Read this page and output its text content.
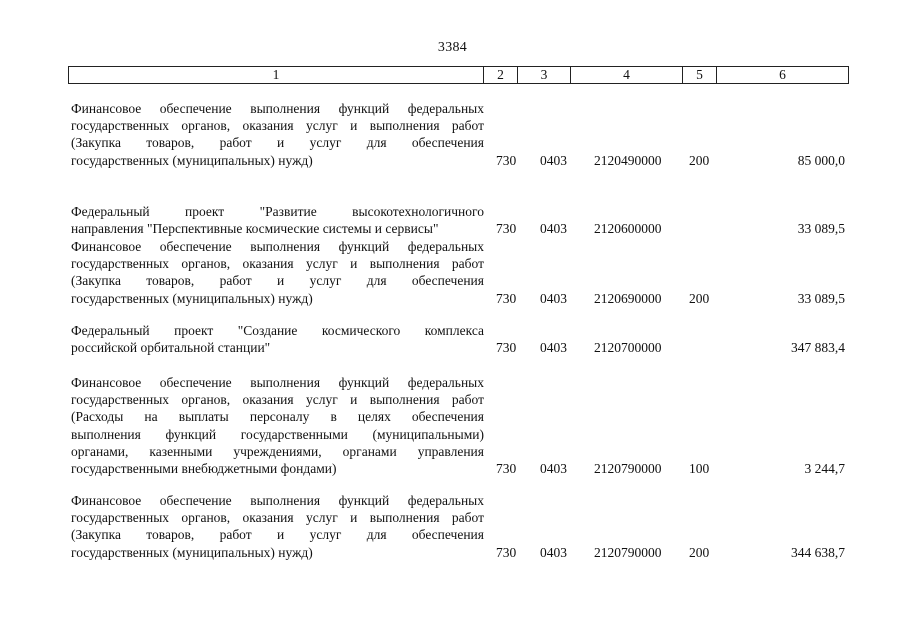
3384
1	2	3	4	5	6
Финансовое обеспечение выполнения функций федеральных
государственных органов, оказания услуг и выполнения работ
(Закупка товаров, работ и услуг для обеспечения
государственных (муниципальных) нужд)	730 0403 2120490000 200	85 000,0
Федеральный проект "Развитие высокотехнологичного
направления "Перспективные космические системы и сервисы"	730 0403 2120600000	33 089,5
Финансовое обеспечение выполнения функций федеральных
государственных органов, оказания услуг и выполнения работ
(Закупка товаров, работ и услуг для обеспечения
государственных (муниципальных) нужд)	730 0403 2120690000 200	33 089,5
Федеральный проект "Создание космического комплекса
российской орбитальной станции"	730 0403 2120700000	347 883,4
Финансовое обеспечение выполнения функций федеральных
государственных органов, оказания услуг и выполнения работ
(Расходы на выплаты персоналу в целях обеспечения
выполнения функций государственными (муниципальными)
органами, казенными учреждениями, органами управления
государственными внебюджетными фондами)	730 0403 2120790000 100	3 244,7
Финансовое обеспечение выполнения функций федеральных
государственных органов, оказания услуг и выполнения работ
(Закупка товаров, работ и услуг для обеспечения
государственных (муниципальных) нужд)	730 0403 2120790000 200	344 638,7
